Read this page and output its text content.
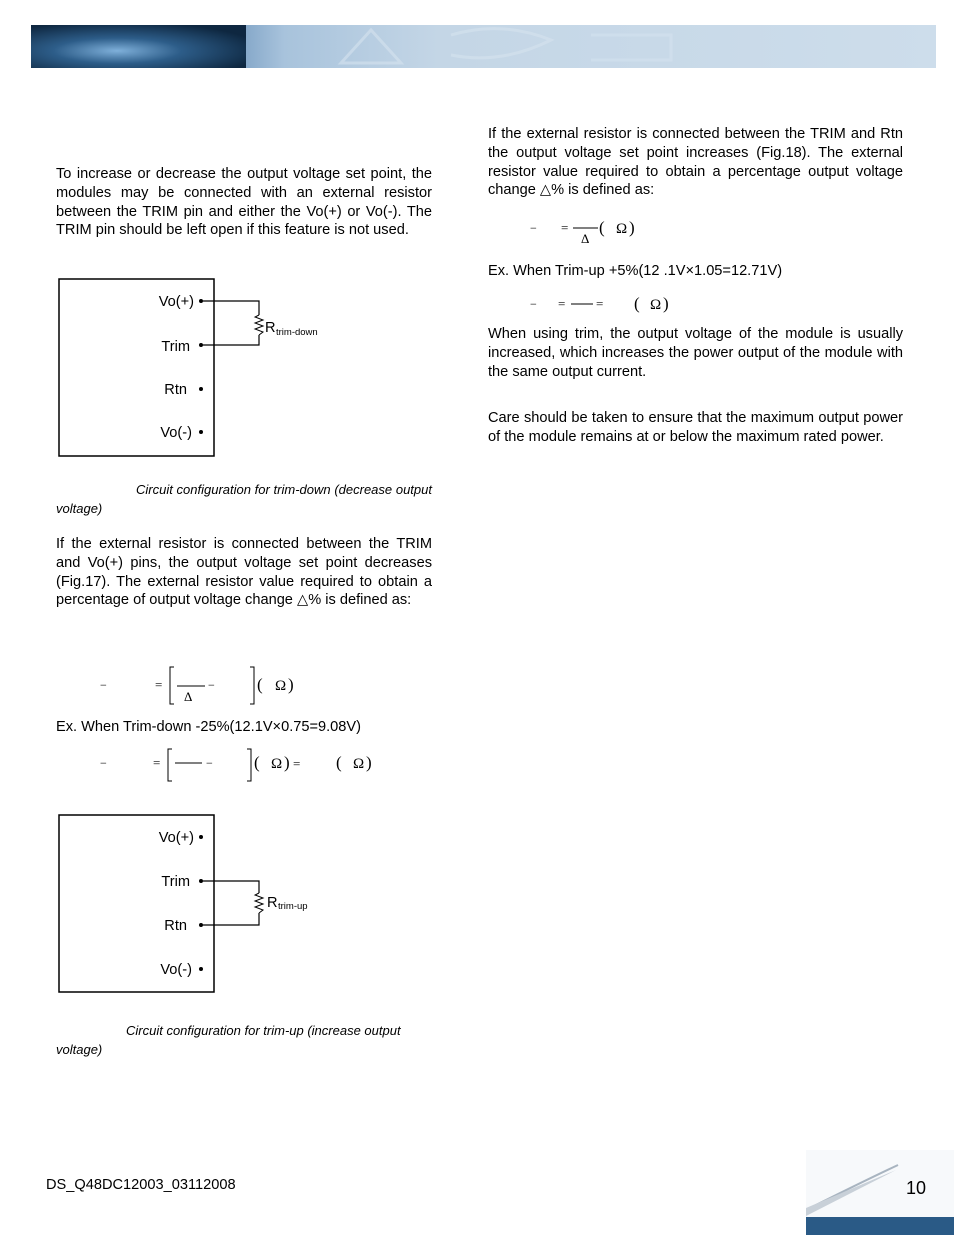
To increase or decrease the output voltage set point, the modules may be connected with an external resistor between the TRIM pin and either the Vo(+) or Vo(-). The TRIM pin should be left open if this feature is not used.

Vo(+)
Trim
Rtn
Vo(-)
R trim-down

Circuit configuration for trim-down (decrease output voltage)

If the external resistor is connected between the TRIM and Vo(+) pins, the output voltage set point decreases (Fig.17). The external resistor value required to obtain a percentage of output voltage change △% is defined as:

−	=
Δ
− ( Ω )

Ex. When Trim-down -25%(12.1V×0.75=9.08V)

−	=	− ( Ω ) = ( Ω )
Vo(+)
Trim
Rtn
Vo(-)
R trim-up

Circuit configuration for trim-up (increase output voltage)

If the external resistor is connected between the TRIM and Rtn the output voltage set point increases (Fig.18). The external resistor value required to obtain a percentage output voltage change △% is defined as:

− =
Δ
( Ω )

Ex. When Trim-up +5%(12 .1V×1.05=12.71V)

− = = ( Ω )

When using trim, the output voltage of the module is usually increased, which increases the power output of the module with the same output current.

Care should be taken to ensure that the maximum output power of the module remains at or below the maximum rated power.

DS_Q48DC12003_03112008	10
